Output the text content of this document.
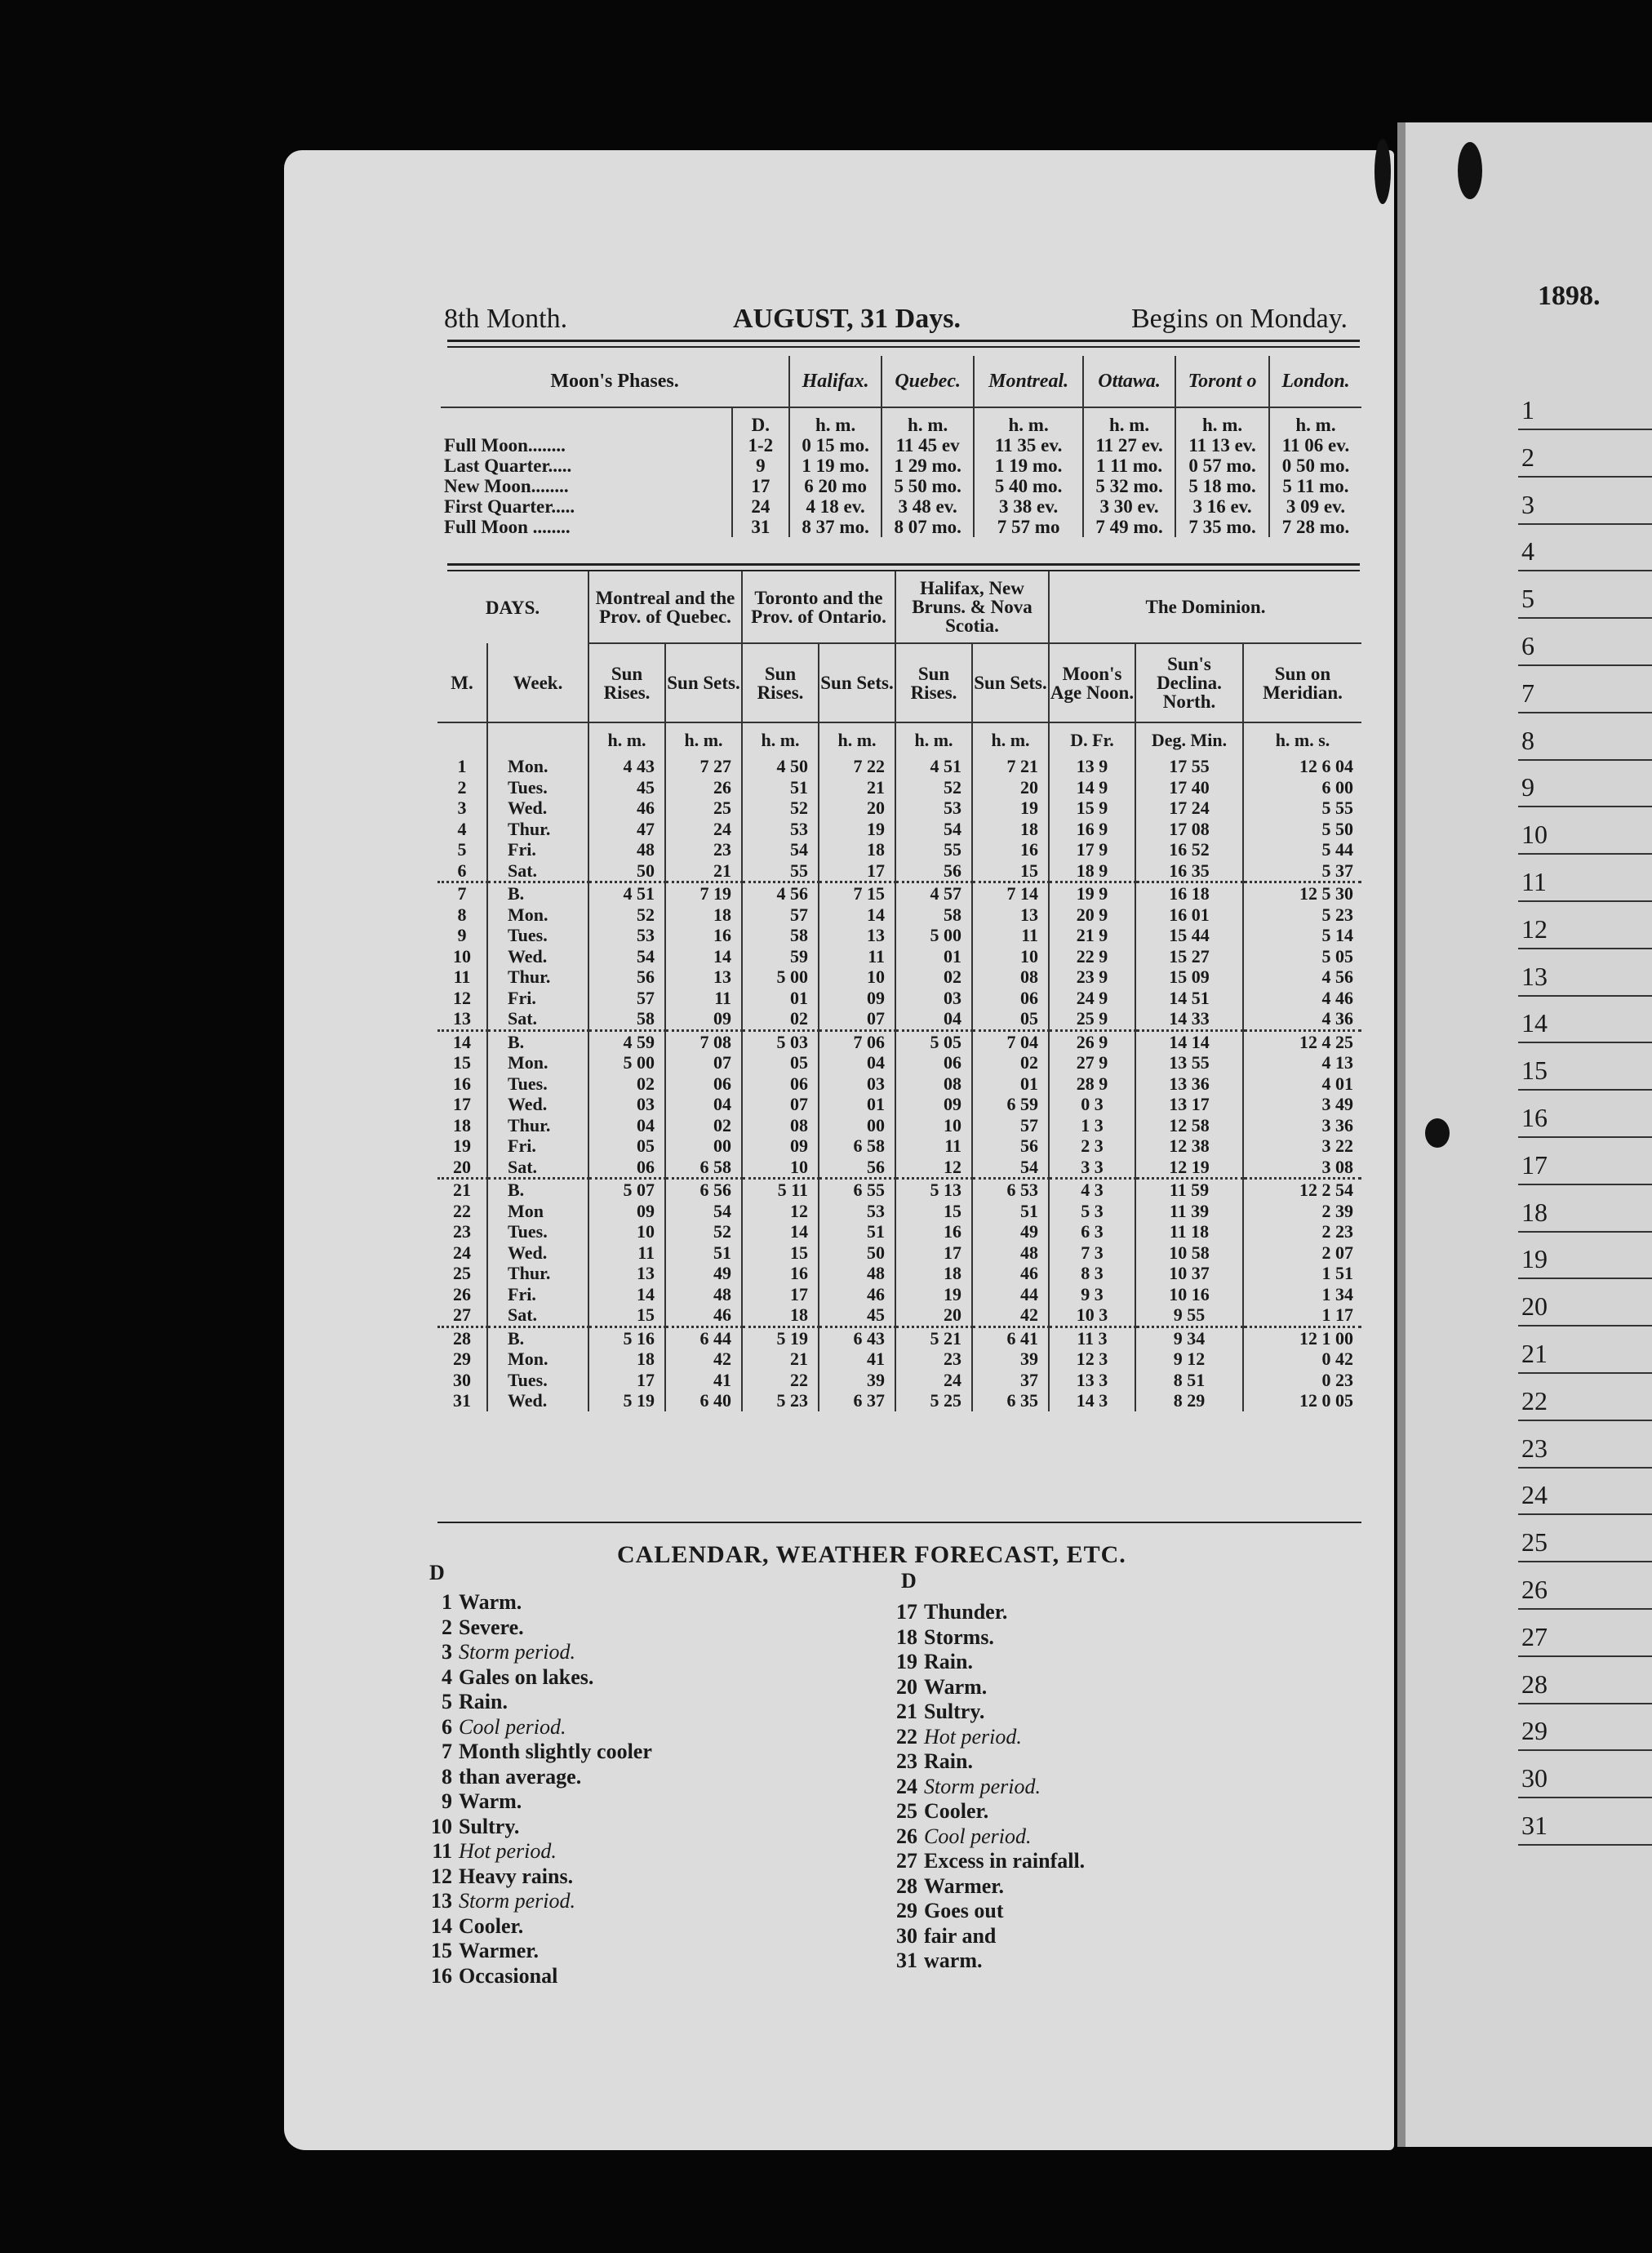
8th Month.	AUGUST, 31 Days.	Begins on Monday.
Moon's Phases.		Halifax.	Quebec.	Montreal.	Ottawa.	Toront o	London.
	D.	h. m.	h. m.	h. m.	h. m.	h. m.	h. m.
Full Moon........	1-2	0 15 mo.	11 45 ev	11 35 ev.	11 27 ev.	11 13 ev.	11 06 ev.
Last Quarter.....	9	1 19 mo.	1 29 mo.	1 19 mo.	1 11 mo.	0 57 mo.	0 50 mo.
New Moon........	17	6 20 mo	5 50 mo.	5 40 mo.	5 32 mo.	5 18 mo.	5 11 mo.
First Quarter.....	24	4 18 ev.	3 48 ev.	3 38 ev.	3 30 ev.	3 16 ev.	3 09 ev.
Full Moon ........	31	8 37 mo.	8 07 mo.	7 57 mo	7 49 mo.	7 35 mo.	7 28 mo.
DAYS.		Montreal and the Prov. of Quebec.		Toronto and the Prov. of Ontario.		Halifax, New Bruns. & Nova Scotia.		The Dominion.		
M.	Week.	Sun Rises.	Sun Sets.	Sun Rises.	Sun Sets.	Sun Rises.	Sun Sets.	Moon's Age Noon.	Sun's Declina. North.	Sun on Meridian.
		h. m.	h. m.	h. m.	h. m.	h. m.	h. m.	D. Fr.	Deg. Min.	h. m. s.
1	Mon.	4 43	7 27	4 50	7 22	4 51	7 21	13 9	17 55	12 6 04
2	Tues.	45	26	51	21	52	20	14 9	17 40	6 00
3	Wed.	46	25	52	20	53	19	15 9	17 24	5 55
4	Thur.	47	24	53	19	54	18	16 9	17 08	5 50
5	Fri.	48	23	54	18	55	16	17 9	16 52	5 44
6	Sat.	50	21	55	17	56	15	18 9	16 35	5 37
7	B.	4 51	7 19	4 56	7 15	4 57	7 14	19 9	16 18	12 5 30
8	Mon.	52	18	57	14	58	13	20 9	16 01	5 23
9	Tues.	53	16	58	13	5 00	11	21 9	15 44	5 14
10	Wed.	54	14	59	11	01	10	22 9	15 27	5 05
11	Thur.	56	13	5 00	10	02	08	23 9	15 09	4 56
12	Fri.	57	11	01	09	03	06	24 9	14 51	4 46
13	Sat.	58	09	02	07	04	05	25 9	14 33	4 36
14	B.	4 59	7 08	5 03	7 06	5 05	7 04	26 9	14 14	12 4 25
15	Mon.	5 00	07	05	04	06	02	27 9	13 55	4 13
16	Tues.	02	06	06	03	08	01	28 9	13 36	4 01
17	Wed.	03	04	07	01	09	6 59	0 3	13 17	3 49
18	Thur.	04	02	08	00	10	57	1 3	12 58	3 36
19	Fri.	05	00	09	6 58	11	56	2 3	12 38	3 22
20	Sat.	06	6 58	10	56	12	54	3 3	12 19	3 08
21	B.	5 07	6 56	5 11	6 55	5 13	6 53	4 3	11 59	12 2 54
22	Mon	09	54	12	53	15	51	5 3	11 39	2 39
23	Tues.	10	52	14	51	16	49	6 3	11 18	2 23
24	Wed.	11	51	15	50	17	48	7 3	10 58	2 07
25	Thur.	13	49	16	48	18	46	8 3	10 37	1 51
26	Fri.	14	48	17	46	19	44	9 3	10 16	1 34
27	Sat.	15	46	18	45	20	42	10 3	9 55	1 17
28	B.	5 16	6 44	5 19	6 43	5 21	6 41	11 3	9 34	12 1 00
29	Mon.	18	42	21	41	23	39	12 3	9 12	0 42
30	Tues.	17	41	22	39	24	37	13 3	8 51	0 23
31	Wed.	5 19	6 40	5 23	6 37	5 25	6 35	14 3	8 29	12 0 05
CALENDAR, WEATHER FORECAST, ETC.
D	D
1 Warm.
2 Severe.
3 Storm period.
4 Gales on lakes.
5 Rain.
6 Cool period.
7 Month slightly cooler
8 than average.
9 Warm.
10 Sultry.
11 Hot period.
12 Heavy rains.
13 Storm period.
14 Cooler.
15 Warmer.
16 Occasional
17 Thunder.
18 Storms.
19 Rain.
20 Warm.
21 Sultry.
22 Hot period.
23 Rain.
24 Storm period.
25 Cooler.
26 Cool period.
27 Excess in rainfall.
28 Warmer.
29 Goes out
30 fair and
31 warm.
1898.
1
2
3
4
5
6
7
8
9
10
11
12
13
14
15
16
17
18
19
20
21
22
23
24
25
26
27
28
29
30
31
